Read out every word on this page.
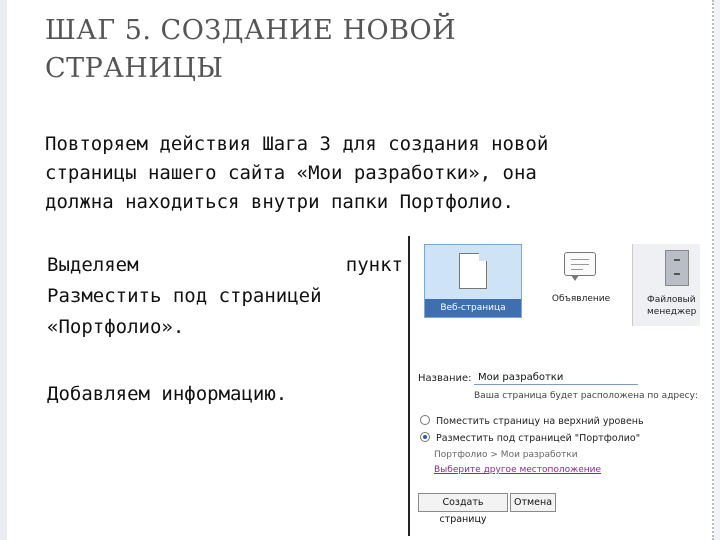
ШАГ 5. СОЗДАНИЕ НОВОЙ
СТРАНИЦЫ
Повторяем действия Шага 3 для создания новой
страницы нашего сайта «Мои разработки», она
должна находиться внутри папки Портфолио.
Выделяем	пункт
Разместить под страницей
«Портфолио».
Добавляем информацию.
Веб-страница
Объявление	Файловый
менеджер
Название:
Мои разработки
Ваша страница будет расположена по адресу:
Поместить страницу на верхний уровень
Разместить под страницей "Портфолио"
Портфолио > Мои разработки
Выберите другое местоположение
Создать страницу
Отмена
